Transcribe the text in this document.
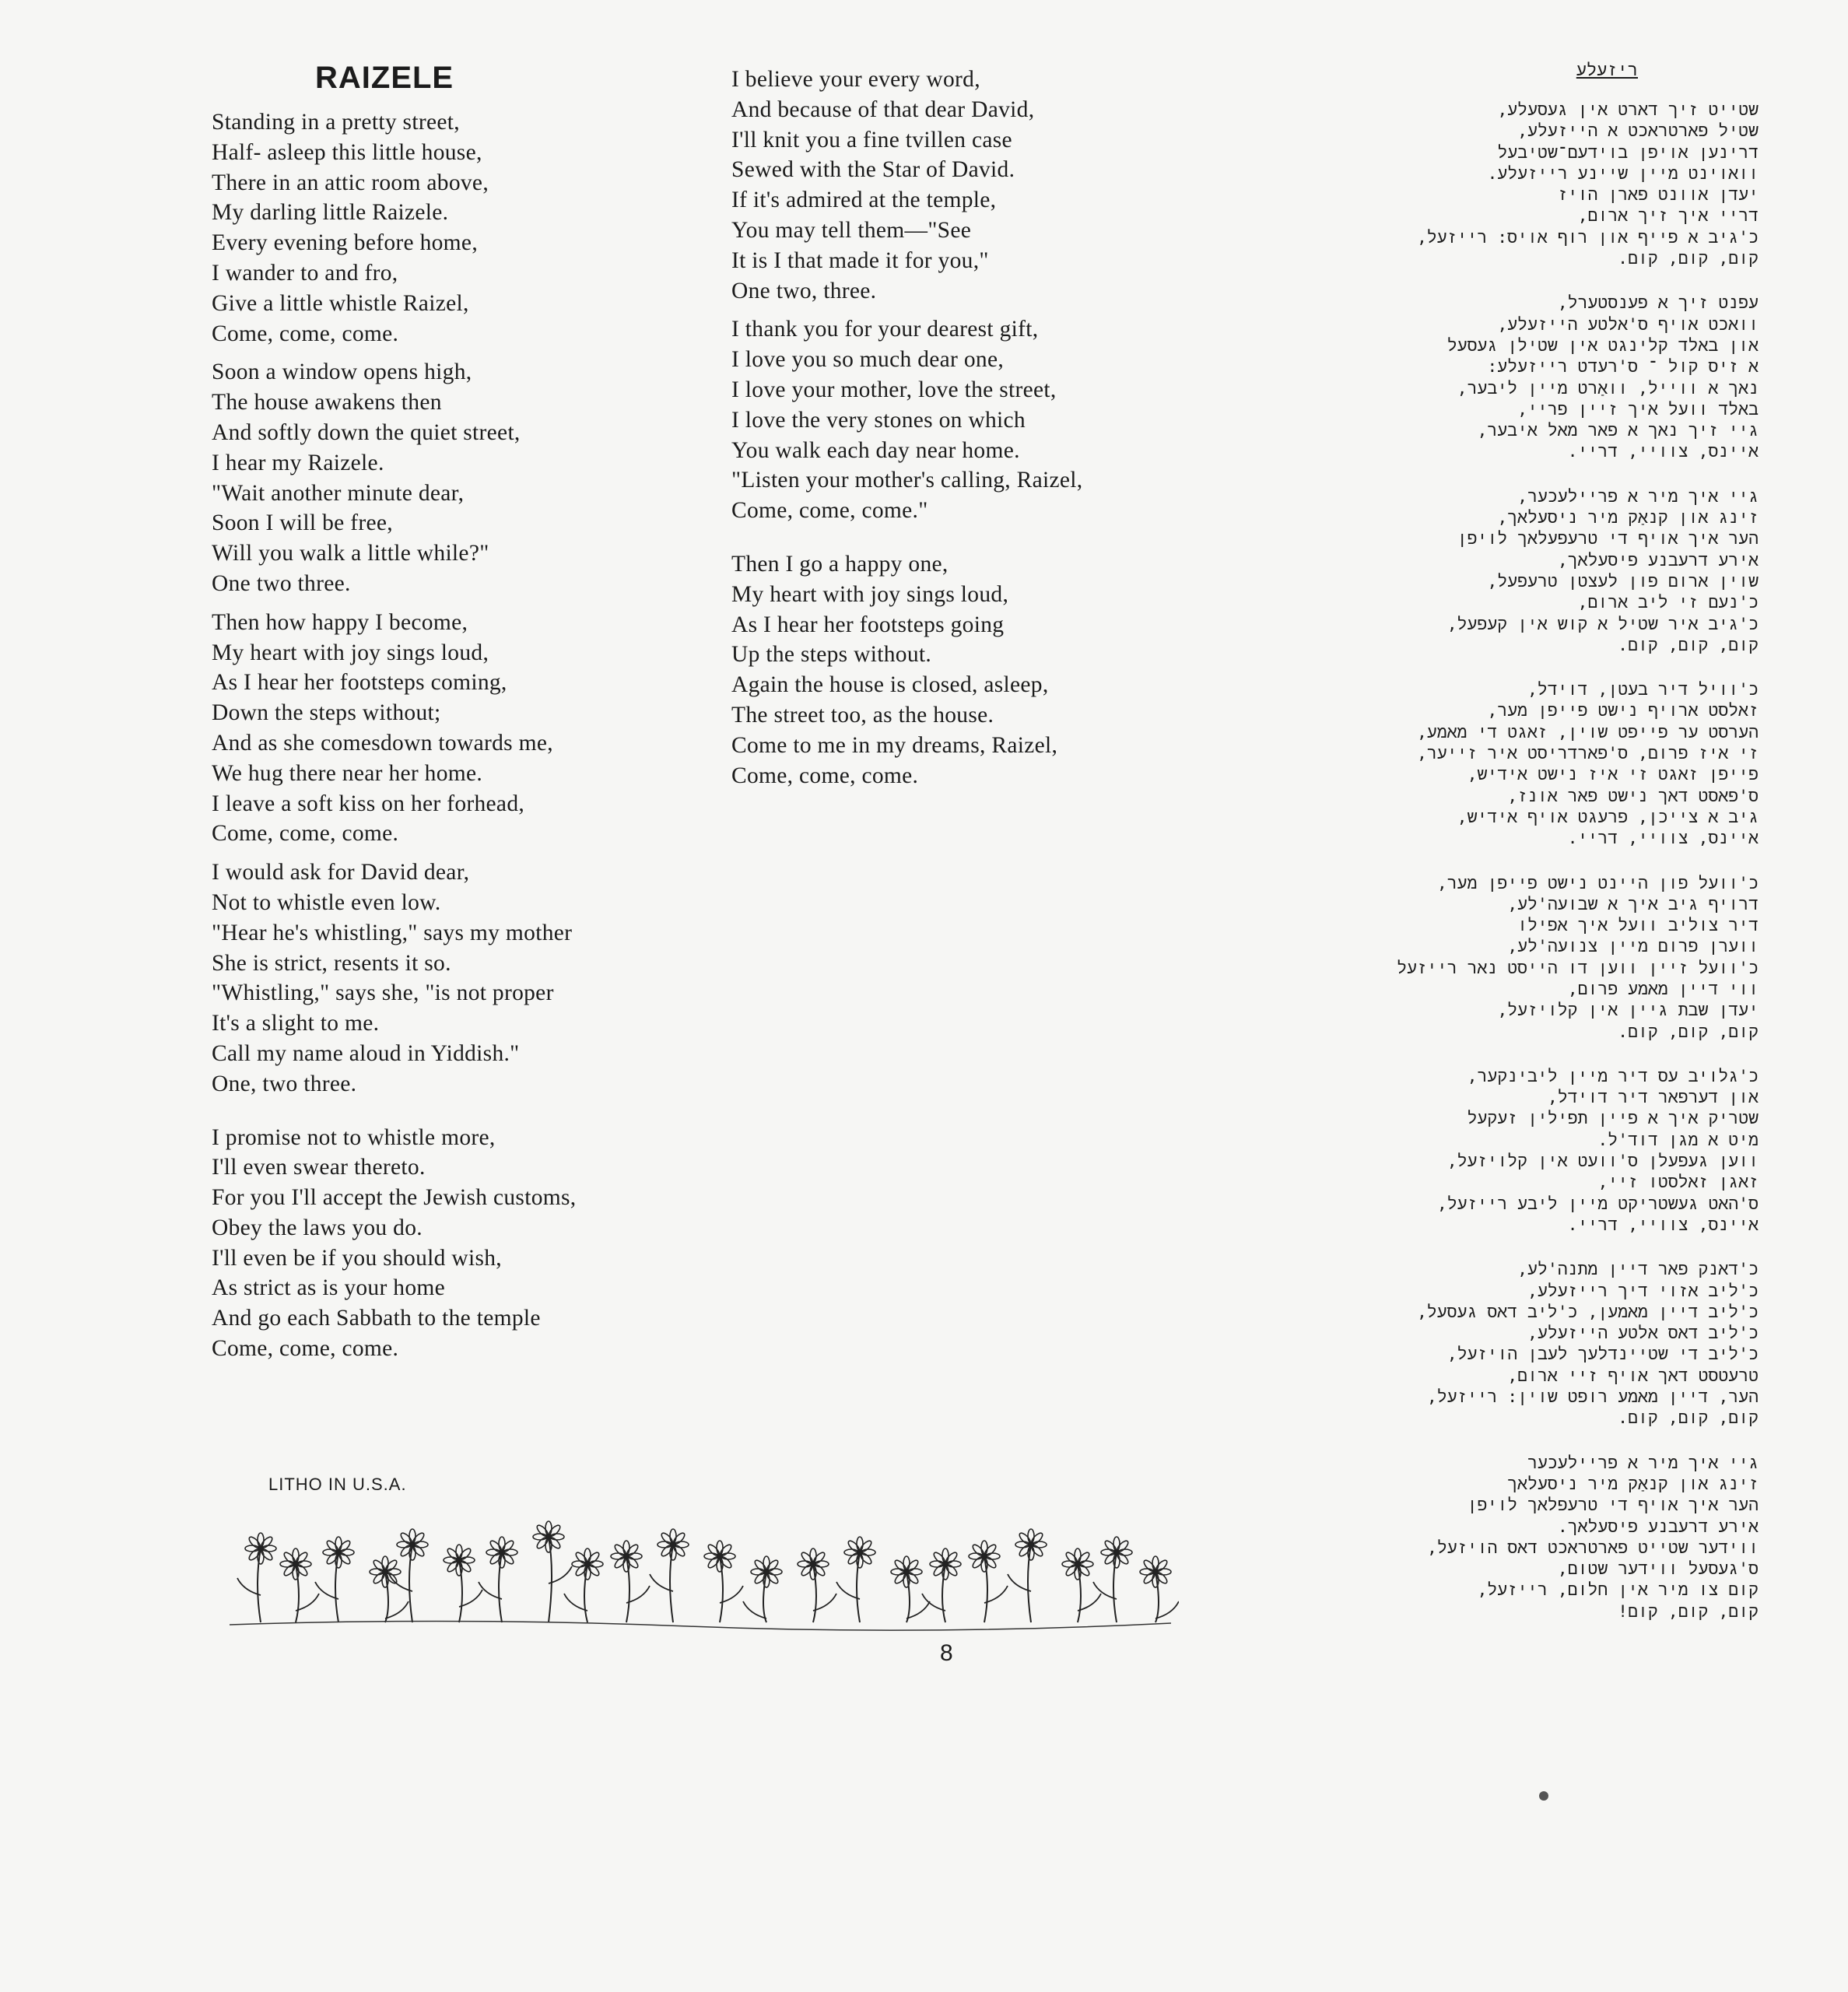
RAIZELE
Standing in a pretty street,
Half- asleep this little house,
There in an attic room above,
My darling little Raizele.
Every evening before home,
I wander to and fro,
Give a little whistle Raizel,
Come, come, come.
Soon a window opens high,
The house awakens then
And softly down the quiet street,
I hear my Raizele.
"Wait another minute dear,
Soon I will be free,
Will you walk a little while?"
One two three.
Then how happy I become,
My heart with joy sings loud,
As I hear her footsteps coming,
Down the steps without;
And as she comesdown towards me,
We hug there near her home.
I leave a soft kiss on her forhead,
Come, come, come.
I would ask for David dear,
Not to whistle even low.
"Hear he's whistling," says my mother
She is strict, resents it so.
"Whistling," says she, "is not proper
It's a slight to me.
Call my name aloud in Yiddish."
One, two three.
I promise not to whistle more,
I'll even swear thereto.
For you I'll accept the Jewish customs,
Obey the laws you do.
I'll even be if you should wish,
As strict as is your home
And go each Sabbath to the temple
Come, come, come.
I believe your every word,
And because of that dear David,
I'll knit you a fine tvillen case
Sewed with the Star of David.
If it's admired at the temple,
You may tell them—"See
It is I that made it for you,"
One two, three.
I thank you for your dearest gift,
I love you so much dear one,
I love your mother, love the street,
I love the very stones on which
You walk each day near home.
"Listen your mother's calling, Raizel,
Come, come, come."
Then I go a happy one,
My heart with joy sings loud,
As I hear her footsteps going
Up the steps without.
Again the house is closed, asleep,
The street too, as the house.
Come to me in my dreams, Raizel,
Come, come, come.
ריזעלע
שטייט זיך דארט אין געסעלע,
שטיל פארטראכט א הייזעלע,
דרינען אויפן בוידעם־שטיבעל
וואוינט מיין שיינע רייזעלע.
יעדן אוונט פארן הויז
דריי איך זיך ארום,
כ'גיב א פייף און רוף אויס: רייזעל,
קום, קום, קום.
עפנט זיך א פענסטערל,
וואכט אויף ס'אלטע הייזעלע,
און באלד קלינגט אין שטילן געסעל
א זיס קול ־ ס'רעדט רייזעלע:
נאך א ווייל, וואַרט מיין ליבער,
באלד וועל איך זיין פריי,
גיי זיך נאך א פאר מאל איבער,
איינס, צוויי, דריי.
גיי איך מיר א פריילעכער,
זינג און קנאַק מיר ניסעלאך,
הער איך אויף די טרעפעלאך לויפן
אירע דרעבנע פיסעלאך,
שוין ארום פון לעצטן טרעפעל,
כ'נעם זי ליב ארום,
כ'גיב איר שטיל א קוש אין קעפעל,
קום, קום, קום.
כ'וויל דיר בעטן, דוידל,
זאלסט ארויף נישט פייפן מער,
הערסט ער פייפט שוין, זאגט די מאמע,
זי איז פרום, ס'פארדריסט איר זייער,
פייפן זאגט זי איז נישט אידיש,
ס'פאסט דאך נישט פאר אונז,
גיב א צייכן, פרעגט אויף אידיש,
איינס, צוויי, דריי.
כ'וועל פון היינט נישט פייפן מער,
דרויף גיב איך א שבועה'לע,
דיר צוליב וועל איך אפילו
ווערן פרום מיין צנועה'לע,
כ'וועל זיין ווען דו הייסט נאר רייזעל
ווי דיין מאמע פרום,
יעדן שבת גיין אין קלויזעל,
קום, קום, קום.
כ'גלויב עס דיר מיין ליבינקער,
און דערפאר דיר דוידל,
שטריק איך א פיין תפילין זעקעל
מיט א מגן דוד'ל.
ווען געפעלן ס'וועט אין קלויזעל,
זאגן זאלסטו זיי,
ס'האט געשטריקט מיין ליבע רייזעל,
איינס, צוויי, דריי.
כ'דאנק פאר דיין מתנה'לע,
כ'ליב אזוי דיך רייזעלע,
כ'ליב דיין מאמען, כ'ליב דאס געסעל,
כ'ליב דאס אלטע הייזעלע,
כ'ליב די שטיינדלעך לעבן הויזעל,
טרעטסט דאך אויף זיי ארום,
הער, דיין מאמע רופט שוין: רייזעל,
קום, קום, קום.
גיי איך מיר א פריילעכער
זינג און קנאַק מיר ניסעלאך
הער איך אויף די טרעפלאך לויפן
אירע דרעבנע פיסעלאך.
ווידער שטייט פארטראכט דאס הויזעל,
ס'געסעל ווידער שטום,
קום צו מיר אין חלום, רייזעל,
קום, קום, קום!

LITHO IN U.S.A.

8
